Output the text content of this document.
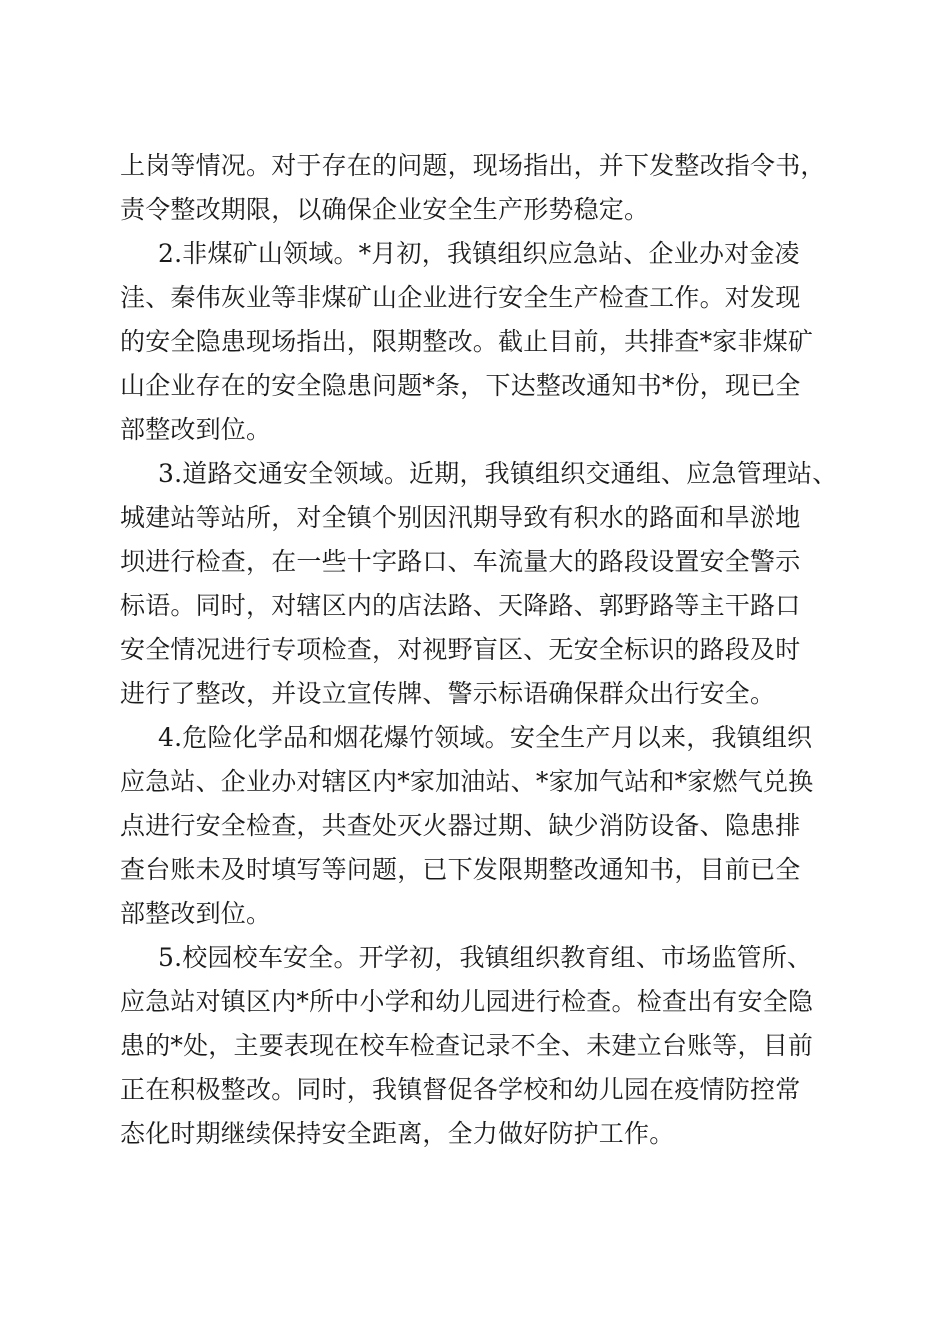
上岗等情况。对于存在的问题，现场指出，并下发整改指令书，
责令整改期限，以确保企业安全生产形势稳定。
2.非煤矿山领域。*月初，我镇组织应急站、企业办对金凌
洼、秦伟灰业等非煤矿山企业进行安全生产检查工作。对发现
的安全隐患现场指出，限期整改。截止目前，共排查*家非煤矿
山企业存在的安全隐患问题*条，下达整改通知书*份，现已全
部整改到位。
3.道路交通安全领域。近期，我镇组织交通组、应急管理站、
城建站等站所，对全镇个别因汛期导致有积水的路面和旱淤地
坝进行检查，在一些十字路口、车流量大的路段设置安全警示
标语。同时，对辖区内的店法路、天降路、郭野路等主干路口
安全情况进行专项检查，对视野盲区、无安全标识的路段及时
进行了整改，并设立宣传牌、警示标语确保群众出行安全。
4.危险化学品和烟花爆竹领域。安全生产月以来，我镇组织
应急站、企业办对辖区内*家加油站、*家加气站和*家燃气兑换
点进行安全检查，共查处灭火器过期、缺少消防设备、隐患排
查台账未及时填写等问题，已下发限期整改通知书，目前已全
部整改到位。
5.校园校车安全。开学初，我镇组织教育组、市场监管所、
应急站对镇区内*所中小学和幼儿园进行检查。检查出有安全隐
患的*处，主要表现在校车检查记录不全、未建立台账等，目前
正在积极整改。同时，我镇督促各学校和幼儿园在疫情防控常
态化时期继续保持安全距离，全力做好防护工作。
